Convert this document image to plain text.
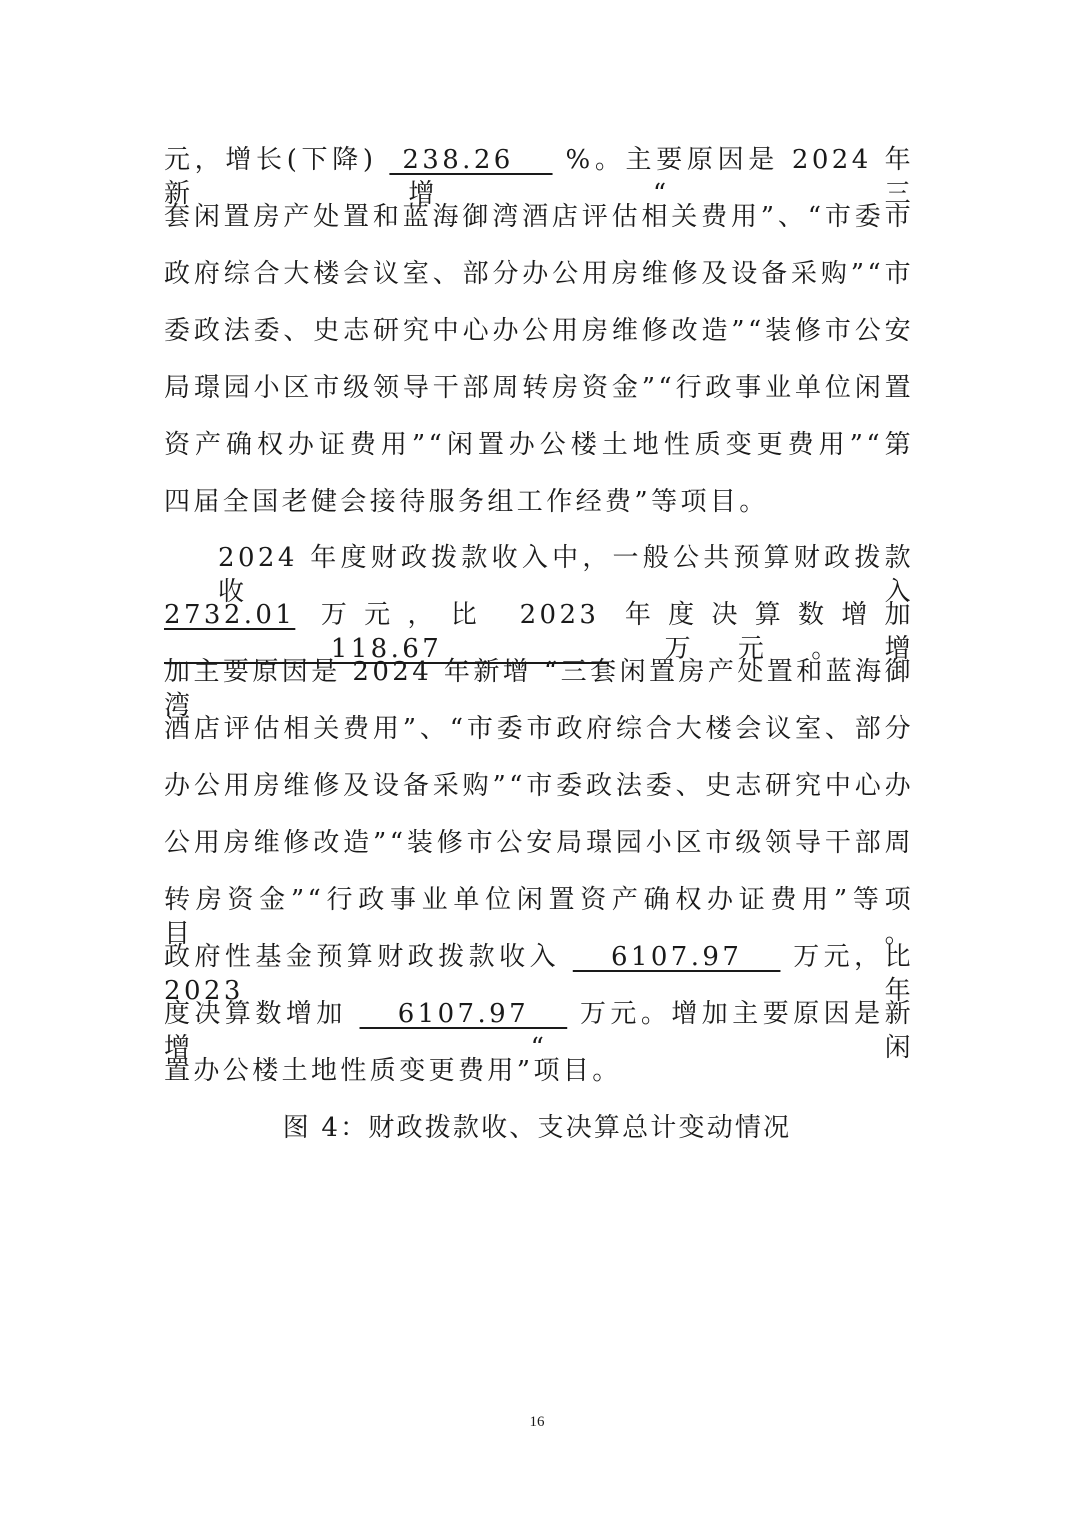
元，增长(下降)  238.26    %。主要原因是 2024 年新增“三
套闲置房产处置和蓝海御湾酒店评估相关费用”、“市委市
政府综合大楼会议室、部分办公用房维修及设备采购”“市
委政法委、史志研究中心办公用房维修改造”“装修市公安
局璟园小区市级领导干部周转房资金”“行政事业单位闲置
资产确权办证费用”“闲置办公楼土地性质变更费用”“第
四届全国老健会接待服务组工作经费”等项目。
2024 年度财政拨款收入中，一般公共预算财政拨款收入
2732.01 万元，比 2023 年度决算数增加    118.67    万元。增
加主要原因是 2024 年新增 “三套闲置房产处置和蓝海御湾
酒店评估相关费用”、“市委市政府综合大楼会议室、部分
办公用房维修及设备采购”“市委政法委、史志研究中心办
公用房维修改造”“装修市公安局璟园小区市级领导干部周
转房资金”“行政事业单位闲置资产确权办证费用”等项目。
政府性基金预算财政拨款收入    6107.97    万元，比 2023 年
度决算数增加    6107.97    万元。增加主要原因是新增“闲
置办公楼土地性质变更费用”项目。
图 4：财政拨款收、支决算总计变动情况
16
